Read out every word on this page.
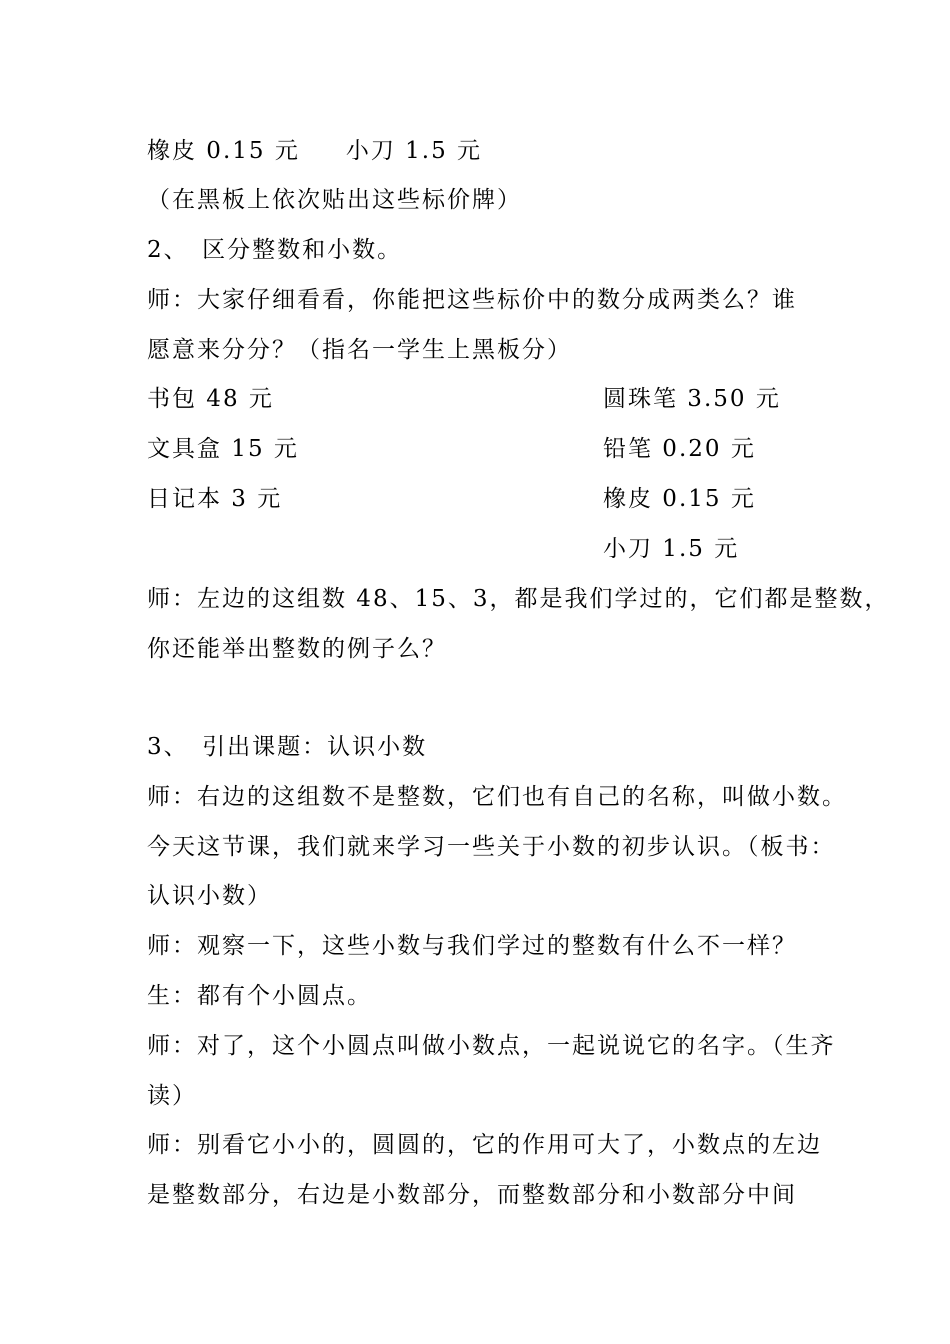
橡皮 0.15 元 小刀 1.5 元
（在黑板上依次贴出这些标价牌）
2、　区分整数和小数。
师：大家仔细看看，你能把这些标价中的数分成两类么？谁
愿意来分分？（指名一学生上黑板分）
书包 48 元
文具盒 15 元
日记本 3 元
圆珠笔 3.50 元
铅笔 0.20 元
橡皮 0.15 元
小刀 1.5 元
师：左边的这组数 48、15、3，都是我们学过的，它们都是整数，
你还能举出整数的例子么？
3、　引出课题：认识小数
师：右边的这组数不是整数，它们也有自己的名称，叫做小数。
今天这节课，我们就来学习一些关于小数的初步认识。（板书：
认识小数）
师：观察一下，这些小数与我们学过的整数有什么不一样？
生：都有个小圆点。
师：对了，这个小圆点叫做小数点，一起说说它的名字。（生齐
读）
师：别看它小小的，圆圆的，它的作用可大了，小数点的左边
是整数部分，右边是小数部分，而整数部分和小数部分中间
